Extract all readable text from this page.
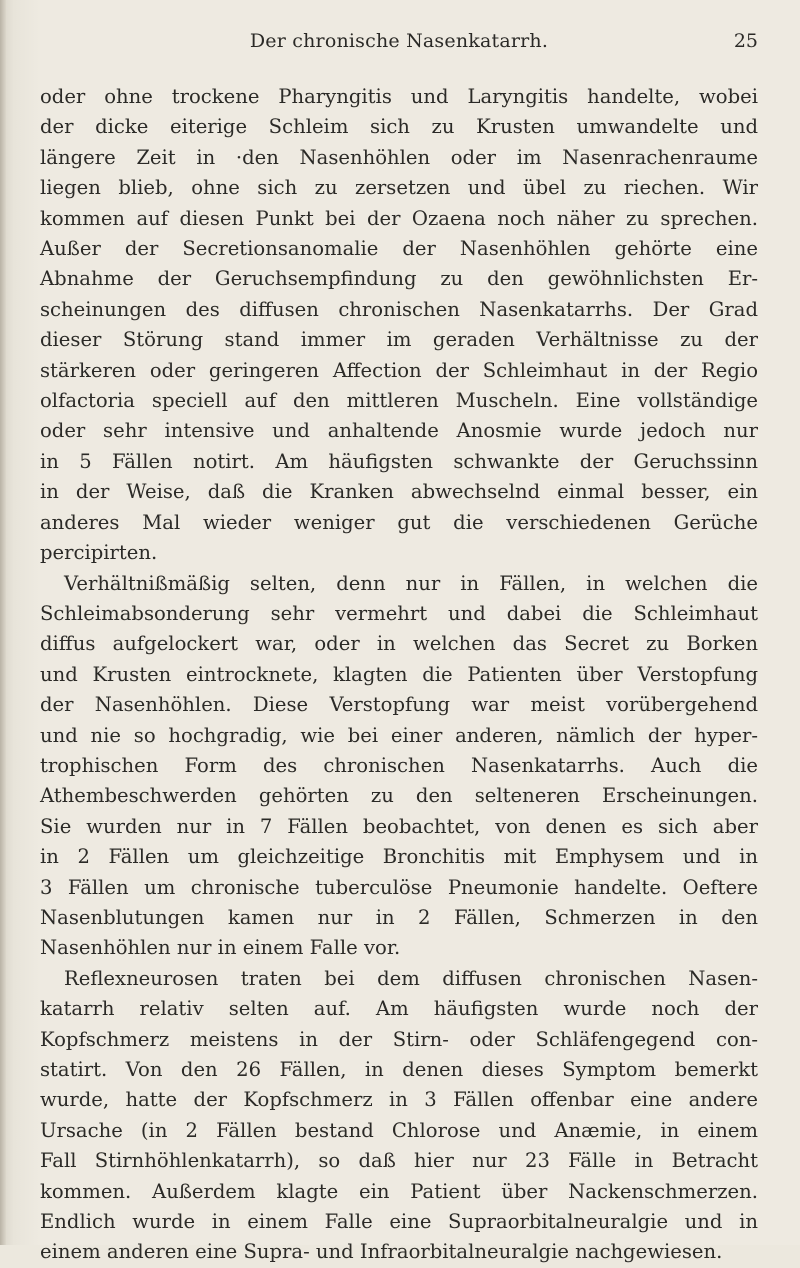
Der chronische Nasenkatarrh.	25
oder ohne trockene Pharyngitis und Laryngitis handelte, wobei
der dicke eiterige Schleim sich zu Krusten umwandelte und
längere Zeit in ·den Nasenhöhlen oder im Nasenrachenraume
liegen blieb, ohne sich zu zersetzen und übel zu riechen. Wir
kommen auf diesen Punkt bei der Ozaena noch näher zu sprechen.
Außer der Secretionsanomalie der Nasenhöhlen gehörte eine
Abnahme der Geruchsempfindung zu den gewöhnlichsten Er-
scheinungen des diffusen chronischen Nasenkatarrhs. Der Grad
dieser Störung stand immer im geraden Verhältnisse zu der
stärkeren oder geringeren Affection der Schleimhaut in der Regio
olfactoria speciell auf den mittleren Muscheln. Eine vollständige
oder sehr intensive und anhaltende Anosmie wurde jedoch nur
in 5 Fällen notirt. Am häufigsten schwankte der Geruchssinn
in der Weise, daß die Kranken abwechselnd einmal besser, ein
anderes Mal wieder weniger gut die verschiedenen Gerüche
percipirten.
Verhältnißmäßig selten, denn nur in Fällen, in welchen die
Schleimabsonderung sehr vermehrt und dabei die Schleimhaut
diffus aufgelockert war, oder in welchen das Secret zu Borken
und Krusten eintrocknete, klagten die Patienten über Verstopfung
der Nasenhöhlen. Diese Verstopfung war meist vorübergehend
und nie so hochgradig, wie bei einer anderen, nämlich der hyper-
trophischen Form des chronischen Nasenkatarrhs. Auch die
Athembeschwerden gehörten zu den selteneren Erscheinungen.
Sie wurden nur in 7 Fällen beobachtet, von denen es sich aber
in 2 Fällen um gleichzeitige Bronchitis mit Emphysem und in
3 Fällen um chronische tuberculöse Pneumonie handelte. Oeftere
Nasenblutungen kamen nur in 2 Fällen, Schmerzen in den
Nasenhöhlen nur in einem Falle vor.
Reflexneurosen traten bei dem diffusen chronischen Nasen-
katarrh relativ selten auf. Am häufigsten wurde noch der
Kopfschmerz meistens in der Stirn- oder Schläfengegend con-
statirt. Von den 26 Fällen, in denen dieses Symptom bemerkt
wurde, hatte der Kopfschmerz in 3 Fällen offenbar eine andere
Ursache (in 2 Fällen bestand Chlorose und Anæmie, in einem
Fall Stirnhöhlenkatarrh), so daß hier nur 23 Fälle in Betracht
kommen. Außerdem klagte ein Patient über Nackenschmerzen.
Endlich wurde in einem Falle eine Supraorbitalneuralgie und in
einem anderen eine Supra- und Infraorbitalneuralgie nachgewiesen.
